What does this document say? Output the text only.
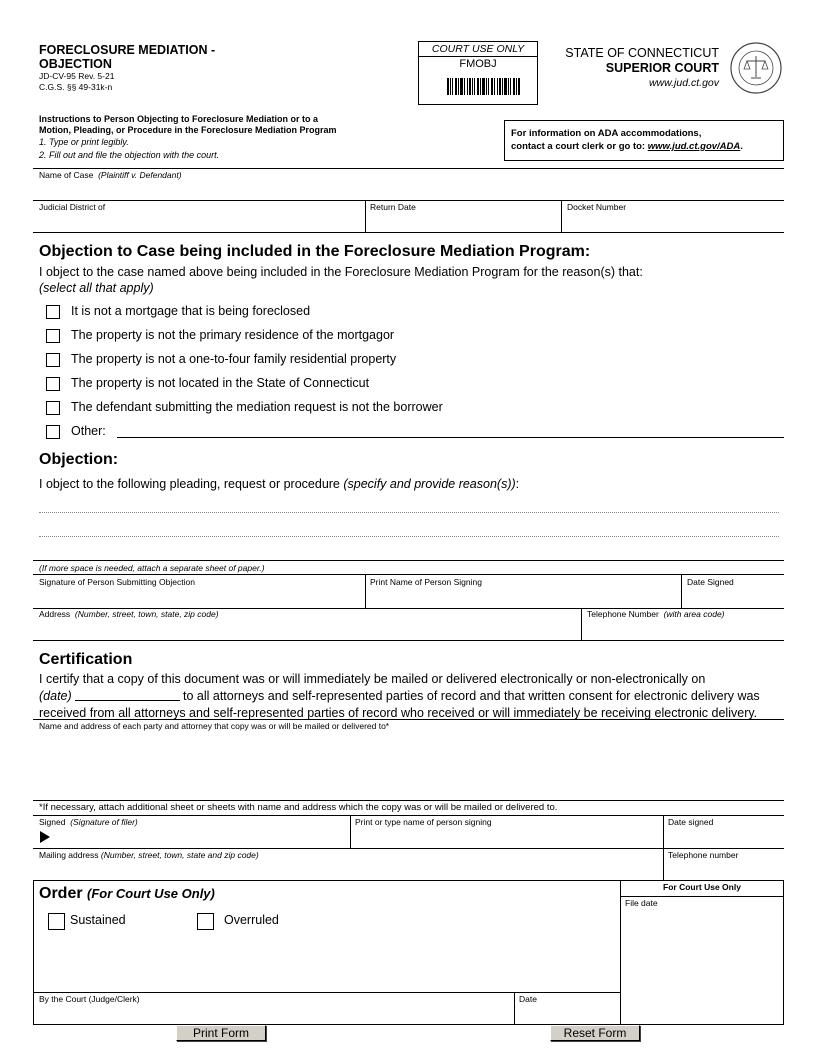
FORECLOSURE MEDIATION -
OBJECTION
JD-CV-95 Rev. 5-21
C.G.S. §§ 49-31k-n
COURT USE ONLY
FMOBJ
STATE OF CONNECTICUT
SUPERIOR COURT
www.jud.ct.gov
Instructions to Person Objecting to Foreclosure Mediation or to a
Motion, Pleading, or Procedure in the Foreclosure Mediation Program
1. Type or print legibly.
2. Fill out and file the objection with the court.
For information on ADA accommodations,
contact a court clerk or go to: www.jud.ct.gov/ADA.
Name of Case (Plaintiff v. Defendant)
Judicial District of	Return Date	Docket Number
Objection to Case being included in the Foreclosure Mediation Program:
I object to the case named above being included in the Foreclosure Mediation Program for the reason(s) that:
(select all that apply)
It is not a mortgage that is being foreclosed
The property is not the primary residence of the mortgagor
The property is not a one-to-four family residential property
The property is not located in the State of Connecticut
The defendant submitting the mediation request is not the borrower
Other:
Objection:
I object to the following pleading, request or procedure (specify and provide reason(s)):
(If more space is needed, attach a separate sheet of paper.)
Signature of Person Submitting Objection	Print Name of Person Signing	Date Signed
Address (Number, street, town, state, zip code)	Telephone Number (with area code)
Certification
I certify that a copy of this document was or will immediately be mailed or delivered electronically or non-electronically on
(date)	to all attorneys and self-represented parties of record and that written consent for electronic delivery was
received from all attorneys and self-represented parties of record who received or will immediately be receiving electronic delivery.
Name and address of each party and attorney that copy was or will be mailed or delivered to*
*If necessary, attach additional sheet or sheets with name and address which the copy was or will be mailed or delivered to.
Signed (Signature of filer)	Print or type name of person signing	Date signed
Mailing address (Number, street, town, state and zip code)	Telephone number
Order (For Court Use Only)
Sustained	Overruled
For Court Use Only
File date
By the Court (Judge/Clerk)	Date
Print Form	Reset Form
